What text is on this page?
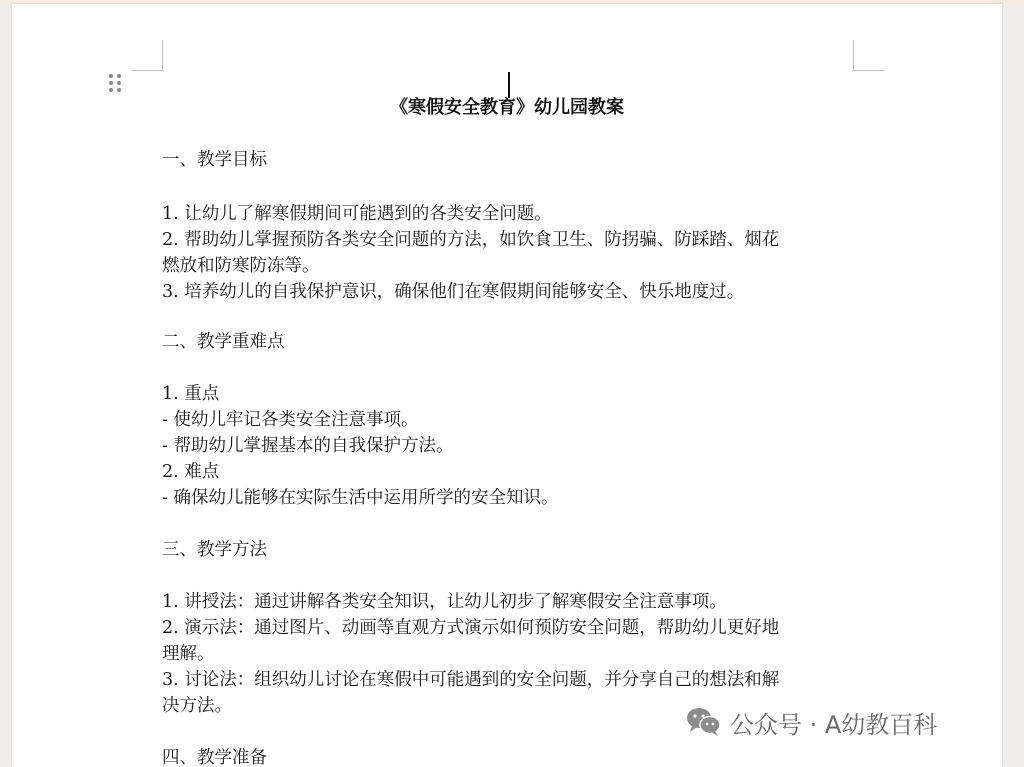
《寒假安全教育》幼儿园教案

一、教学目标

1. 让幼儿了解寒假期间可能遇到的各类安全问题。

2. 帮助幼儿掌握预防各类安全问题的方法，如饮食卫生、防拐骗、防踩踏、烟花

燃放和防寒防冻等。

3. 培养幼儿的自我保护意识，确保他们在寒假期间能够安全、快乐地度过。

二、教学重难点

1. 重点

- 使幼儿牢记各类安全注意事项。

- 帮助幼儿掌握基本的自我保护方法。

2. 难点

- 确保幼儿能够在实际生活中运用所学的安全知识。

三、教学方法

1. 讲授法：通过讲解各类安全知识，让幼儿初步了解寒假安全注意事项。

2. 演示法：通过图片、动画等直观方式演示如何预防安全问题，帮助幼儿更好地

理解。

3. 讨论法：组织幼儿讨论在寒假中可能遇到的安全问题，并分享自己的想法和解

决方法。

四、教学准备

公众号 · A幼教百科
